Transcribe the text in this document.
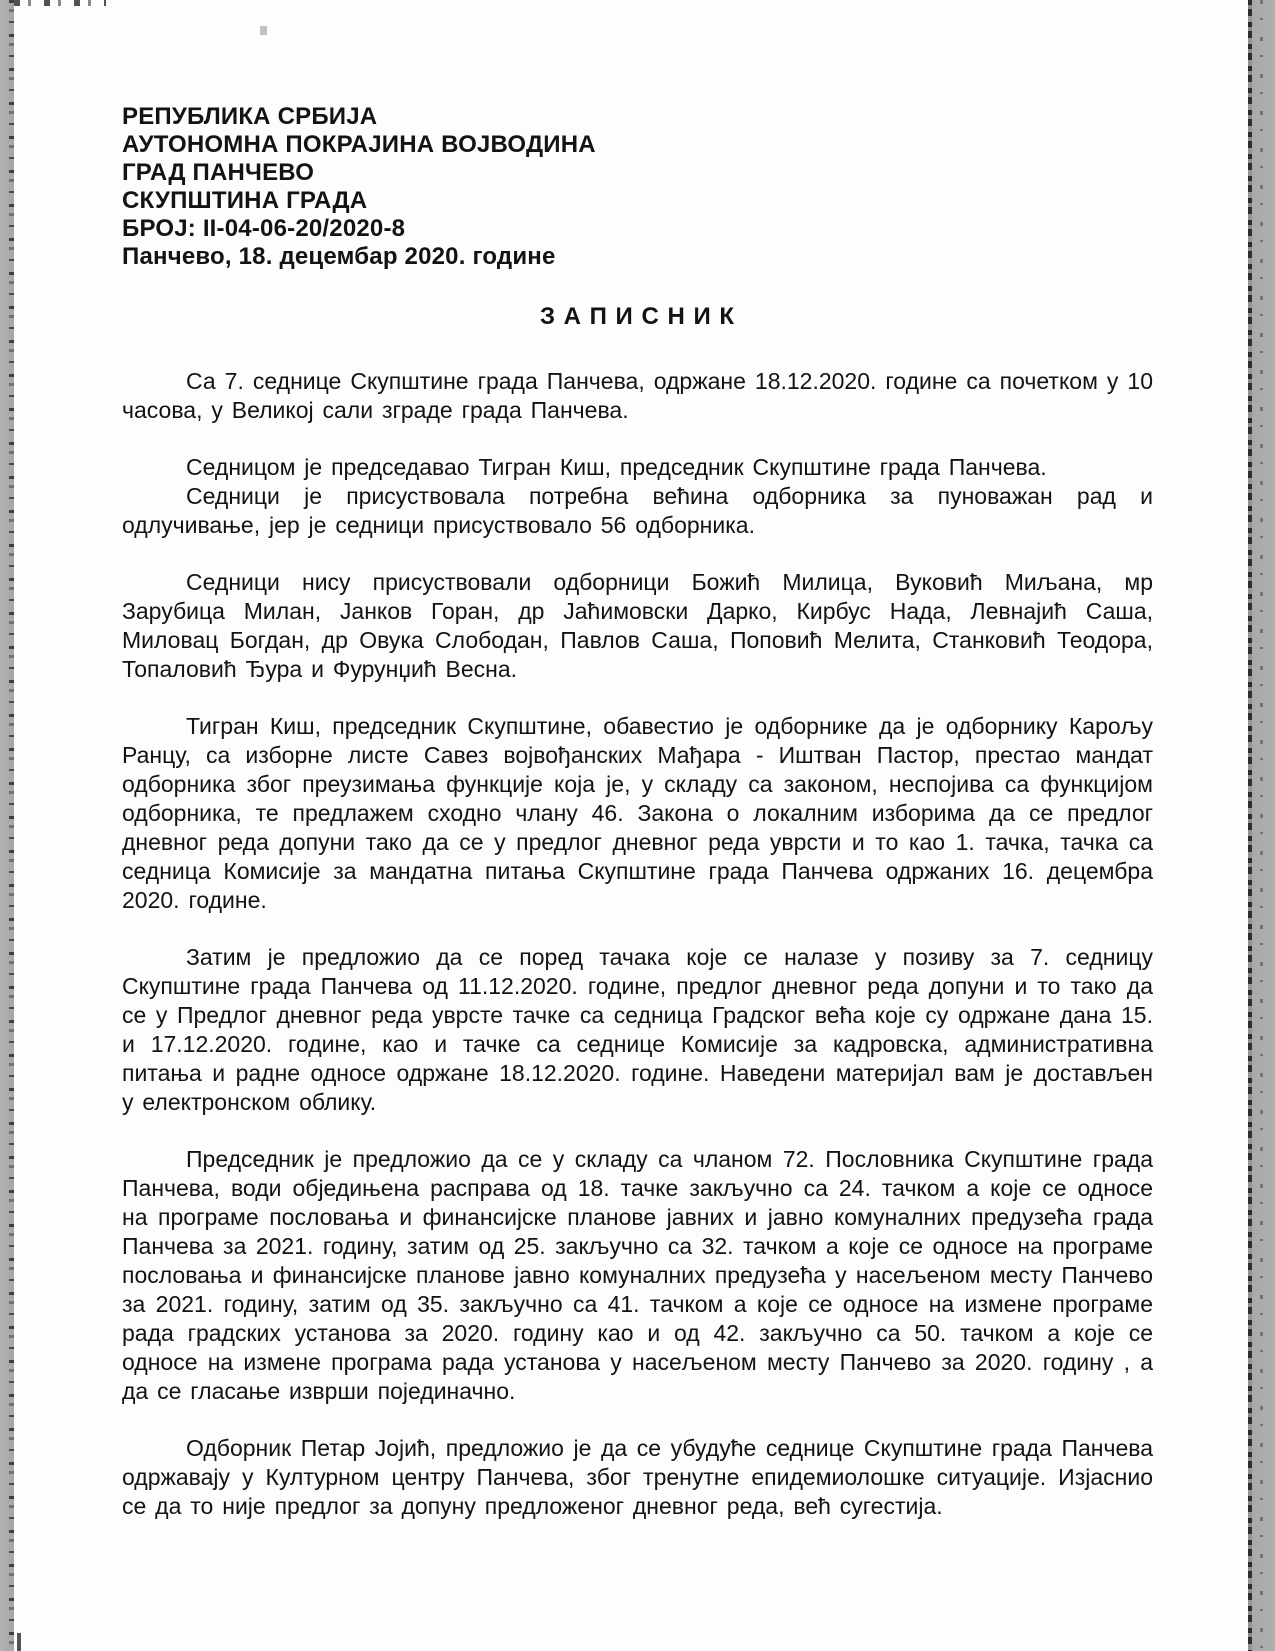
РЕПУБЛИКА СРБИЈА
АУТОНОМНА ПОКРАЈИНА ВОЈВОДИНА
ГРАД ПАНЧЕВО
СКУПШТИНА ГРАДА
БРОЈ: II-04-06-20/2020-8
Панчево, 18. децембар 2020. године
З А П И С Н И К

Са 7. седнице Скупштине града Панчева, одржане 18.12.2020. године са почетком у 10 часова, у Великој сали зграде града Панчева.

Седницом је председавао Тигран Киш, председник Скупштине града Панчева.

Седници је присуствовала потребна већина одборника за пуноважан рад и одлучивање, јер је седници присуствовало 56 одборника.

Седници нису присуствовали одборници Божић Милица, Вуковић Миљана, мр Зарубица Милан, Јанков Горан, др Јаћимовски Дарко, Кирбус Нада, Левнајић Саша, Миловац Богдан, др Овука Слободан, Павлов Саша, Поповић Мелита, Станковић Теодора, Топаловић Ђура и Фурунџић Весна.

Тигран Киш, председник Скупштине, обавестио је одборнике да је одборнику Карољу Ранцу, са изборне листе Савез војвођанских Мађара - Иштван Пастор, престао мандат одборника због преузимања функције која је, у складу са законом, неспојива са функцијом одборника, те предлажем сходно члану 46. Закона о локалним изборима да се предлог дневног реда допуни тако да се у предлог дневног реда уврсти и то као 1. тачка, тачка са седница Комисије за мандатна питања Скупштине града Панчева одржаних 16. децембра 2020. године.

Затим је предложио да се поред тачака које се налазе у позиву за 7. седницу Скупштине града Панчева од 11.12.2020. године, предлог дневног реда допуни и то тако да се у Предлог дневног реда уврсте тачке са седница Градског већа које су одржане дана 15. и 17.12.2020. године, као и тачке са седнице Комисије за кадровска, административна питања и радне односе одржане 18.12.2020. године. Наведени материјал вам је достављен у електронском облику.

Председник је предложио да се у складу са чланом 72. Пословника Скупштине града Панчева, води обједињена расправа од 18. тачке закључно са 24. тачком а које се односе на програме пословања и финансијске планове јавних и јавно комуналних предузећа града Панчева за 2021. годину, затим од 25. закључно са 32. тачком а које се односе на програме пословања и финансијске планове јавно комуналних предузећа у насељеном месту Панчево за 2021. годину, затим од 35. закључно са 41. тачком а које се односе на измене програме рада градских установа за 2020. годину као и од 42. закључно са 50. тачком а које се односе на измене програма рада установа у насељеном месту Панчево за 2020. годину , а да се гласање изврши појединачно.

Одборник Петар Јојић, предложио је да се убудуће седнице Скупштине града Панчева одржавају у Културном центру Панчева, због тренутне епидемиолошке ситуације. Изјаснио се да то није предлог за допуну предложеног дневног реда, већ сугестија.
